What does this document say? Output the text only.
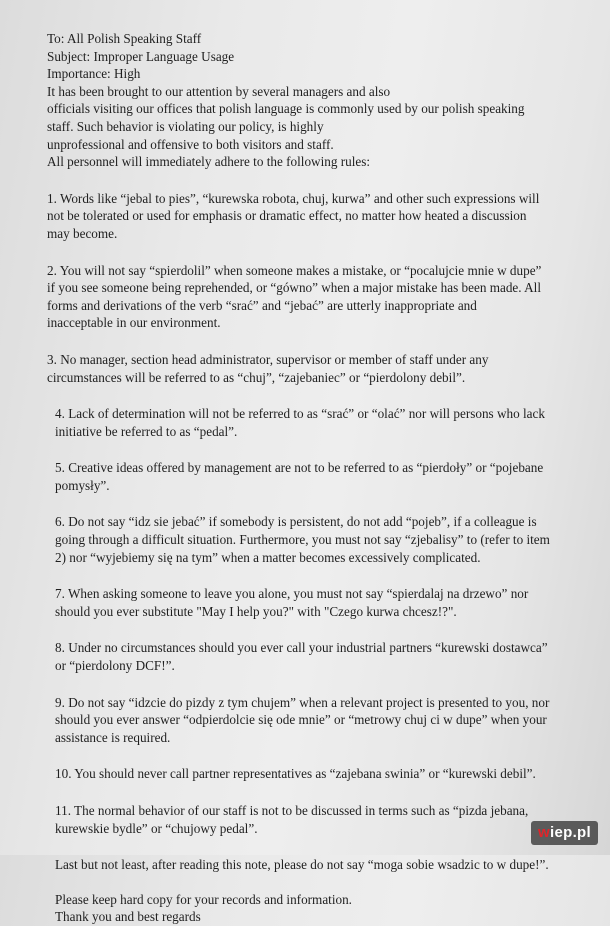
To: All Polish Speaking Staff

Subject: Improper Language Usage

Importance: High

It has been brought to our attention by several managers and also

officials visiting our offices that polish language is commonly used by our polish speaking

staff. Such behavior is violating our policy, is highly

unprofessional and offensive to both visitors and staff.

All personnel will immediately adhere to the following rules:

1. Words like “jebal to pies”, “kurewska robota, chuj, kurwa” and other such expressions will

not be tolerated or used for emphasis or dramatic effect, no matter how heated a discussion

may become.

2. You will not say “spierdolil” when someone makes a mistake, or “pocalujcie mnie w dupe”

if you see someone being reprehended, or “gówno” when a major mistake has been made. All

forms and derivations of the verb “srać” and “jebać” are utterly inappropriate and

inacceptable in our environment.

3. No manager, section head administrator, supervisor or member of staff under any

circumstances will be referred to as “chuj”, “zajebaniec” or “pierdolony debil”.

4. Lack of determination will not be referred to as “srać” or “olać” nor will persons who lack

initiative be referred to as “pedal”.

5. Creative ideas offered by management are not to be referred to as “pierdoły” or “pojebane

pomysły”.

6. Do not say “idz sie jebać” if somebody is persistent, do not add “pojeb”, if a colleague is

going through a difficult situation. Furthermore, you must not say “zjebalisy” to (refer to item

2) nor “wyjebiemy się na tym” when a matter becomes excessively complicated.

7. When asking someone to leave you alone, you must not say “spierdalaj na drzewo” nor

should you ever substitute "May I help you?" with "Czego kurwa chcesz!?".

8. Under no circumstances should you ever call your industrial partners “kurewski dostawca”

or “pierdolony DCF!”.

9. Do not say “idzcie do pizdy z tym chujem” when a relevant project is presented to you, nor

should you ever answer “odpierdolcie się ode mnie” or “metrowy chuj ci w dupe” when your

assistance is required.

10. You should never call partner representatives as “zajebana swinia” or “kurewski debil”.

11. The normal behavior of our staff is not to be discussed in terms such as “pizda jebana,

kurewskie bydle” or “chujowy pedal”.

Last but not least, after reading this note, please do not say “moga sobie wsadzic to w dupe!”.

Please keep hard copy for your records and information.

Thank you and best regards

wiep.pl
